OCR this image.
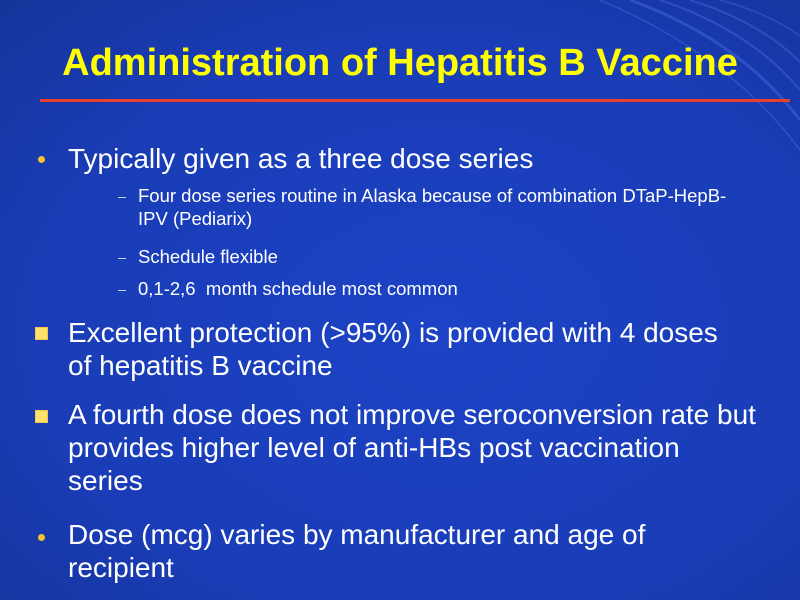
Administration of Hepatitis B Vaccine
Typically given as a three dose series
Four dose series routine in Alaska because of combination DTaP-HepB-IPV (Pediarix)
Schedule flexible
0,1-2,6  month schedule most common
Excellent protection (>95%) is provided with 4 doses of hepatitis B vaccine
A fourth dose does not improve seroconversion rate but provides higher level of anti-HBs post vaccination series
Dose (mcg) varies by manufacturer and age of recipient
